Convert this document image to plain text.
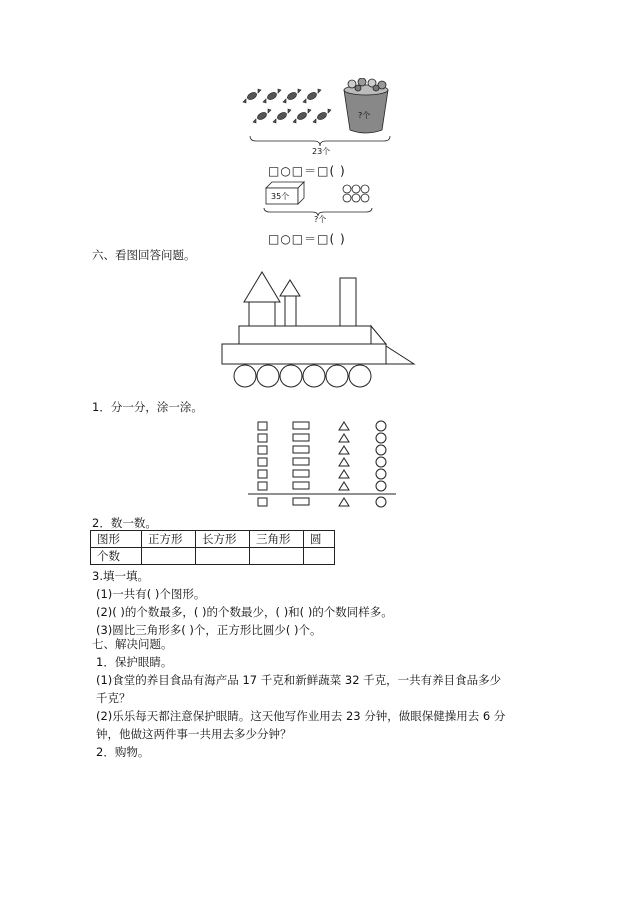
?个
23个
□○□＝□( )
35个
?个
□○□＝□( )
六、看图回答问题。
1．分一分，涂一涂。
2．数一数。
图形	正方形	长方形	三角形	圆
个数				
3.填一填。
(1)一共有( )个图形。
(2)( )的个数最多，( )的个数最少，( )和( )的个数同样多。
(3)圆比三角形多( )个，正方形比圆少( )个。
七、解决问题。
1．保护眼睛。
(1)食堂的养目食品有海产品 17 千克和新鲜蔬菜 32 千克，一共有养目食品多少
千克？
(2)乐乐每天都注意保护眼睛。这天他写作业用去 23 分钟，做眼保健操用去 6 分
钟，他做这两件事一共用去多少分钟？
2．购物。
